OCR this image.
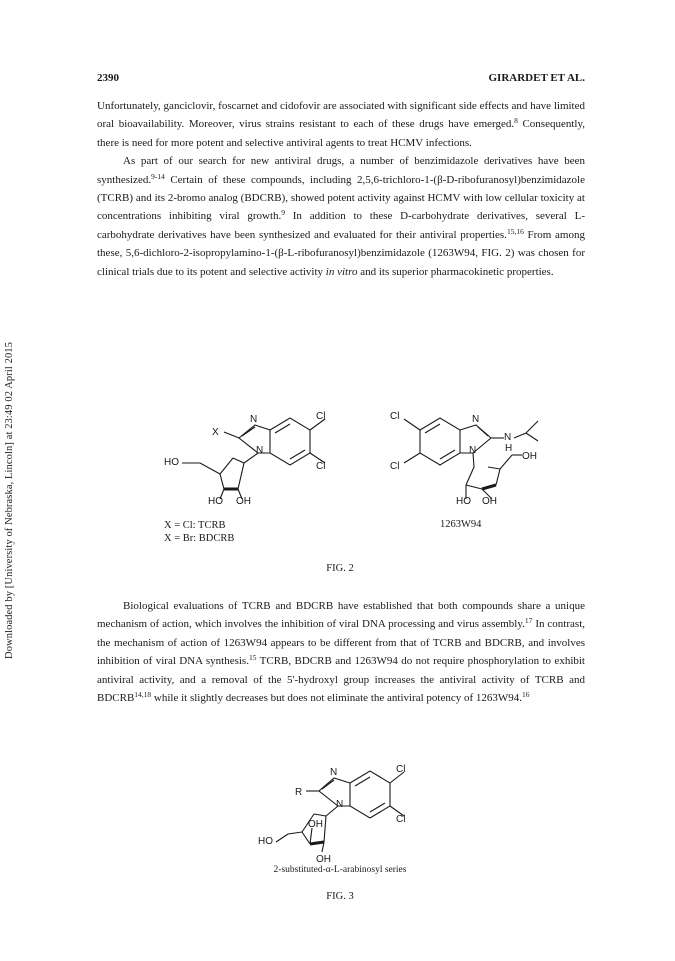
Downloaded by [University of Nebraska, Lincoln] at 23:49 02 April 2015
2390	GIRARDET ET AL.

Unfortunately, ganciclovir, foscarnet and cidofovir are associated with significant side effects and have limited oral bioavailability. Moreover, virus strains resistant to each of these drugs have emerged.$^8$ Consequently, there is need for more potent and selective antiviral agents to treat HCMV infections.

As part of our search for new antiviral drugs, a number of benzimidazole derivatives have been synthesized.$^{9-14}$ Certain of these compounds, including 2,5,6-trichloro-1-(β-D-ribofuranosyl)benzimidazole (TCRB) and its 2-bromo analog (BDCRB), showed potent activity against HCMV with low cellular toxicity at concentrations inhibiting viral growth.$^9$ In addition to these D-carbohydrate derivatives, several L-carbohydrate derivatives have been synthesized and evaluated for their antiviral properties.$^{15,16}$ From among these, 5,6-dichloro-2-isopropylamino-1-(β-L-ribofuranosyl)benzimidazole (1263W94, FIG. 2) was chosen for clinical trials due to its potent and selective activity in vitro and its superior pharmacokinetic properties.

N
N
Cl
Cl
X
HO
HO OH
N
N
Cl
Cl
N
H
OH
HO OH
X = Cl: TCRB
X = Br: BDCRB
1263W94
FIG. 2

Biological evaluations of TCRB and BDCRB have established that both compounds share a unique mechanism of action, which involves the inhibition of viral DNA processing and virus assembly.$^{17}$ In contrast, the mechanism of action of 1263W94 appears to be different from that of TCRB and BDCRB, and involves inhibition of viral DNA synthesis.$^{15}$ TCRB, BDCRB and 1263W94 do not require phosphorylation to exhibit antiviral activity, and a removal of the 5'-hydroxyl group increases the antiviral activity of TCRB and BDCRB$^{14,18}$ while it slightly decreases but does not eliminate the antiviral potency of 1263W94.16

N
N
R
Cl
Cl
OH
HO
OH
2-substituted-α-L-arabinosyl series
FIG. 3
